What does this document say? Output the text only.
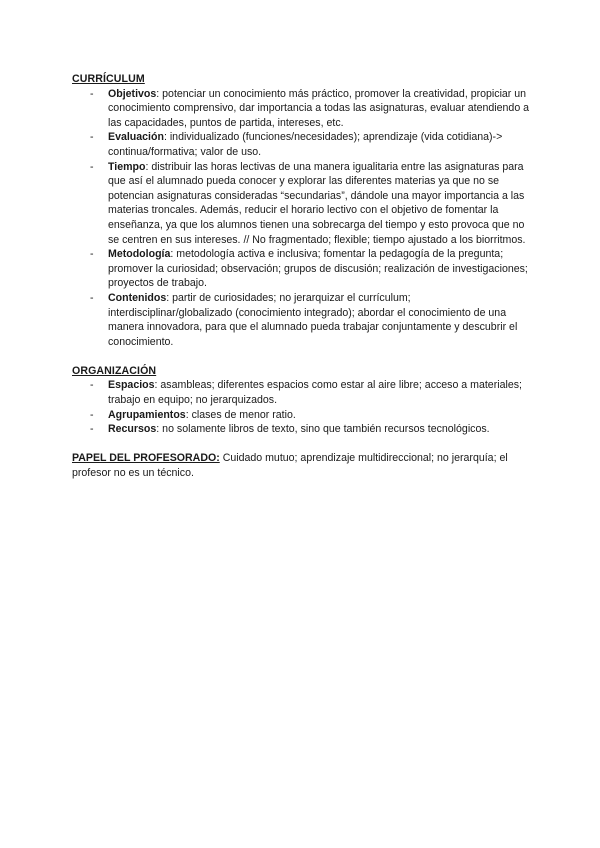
CURRÍCULUM
- Objetivos: potenciar un conocimiento más práctico, promover la creatividad, propiciar un conocimiento comprensivo, dar importancia a todas las asignaturas, evaluar atendiendo a las capacidades, puntos de partida, intereses, etc.
- Evaluación: individualizado (funciones/necesidades); aprendizaje (vida cotidiana)-> continua/formativa; valor de uso.
- Tiempo: distribuir las horas lectivas de una manera igualitaria entre las asignaturas para que así el alumnado pueda conocer y explorar las diferentes materias ya que no se potencian asignaturas consideradas “secundarias”, dándole una mayor importancia a las materias troncales. Además, reducir el horario lectivo con el objetivo de fomentar la enseñanza, ya que los alumnos tienen una sobrecarga del tiempo y esto provoca que no se centren en sus intereses. // No fragmentado; flexible; tiempo ajustado a los biorritmos.
- Metodología: metodología activa e inclusiva; fomentar la pedagogía de la pregunta; promover la curiosidad; observación; grupos de discusión; realización de investigaciones; proyectos de trabajo.
- Contenidos: partir de curiosidades; no jerarquizar el currículum; interdisciplinar/globalizado (conocimiento integrado); abordar el conocimiento de una manera innovadora, para que el alumnado pueda trabajar conjuntamente y descubrir el conocimiento.
ORGANIZACIÓN
- Espacios: asambleas; diferentes espacios como estar al aire libre; acceso a materiales; trabajo en equipo; no jerarquizados.
- Agrupamientos: clases de menor ratio.
- Recursos: no solamente libros de texto, sino que también recursos tecnológicos.
PAPEL DEL PROFESORADO: Cuidado mutuo; aprendizaje multidireccional; no jerarquía; el profesor no es un técnico.
